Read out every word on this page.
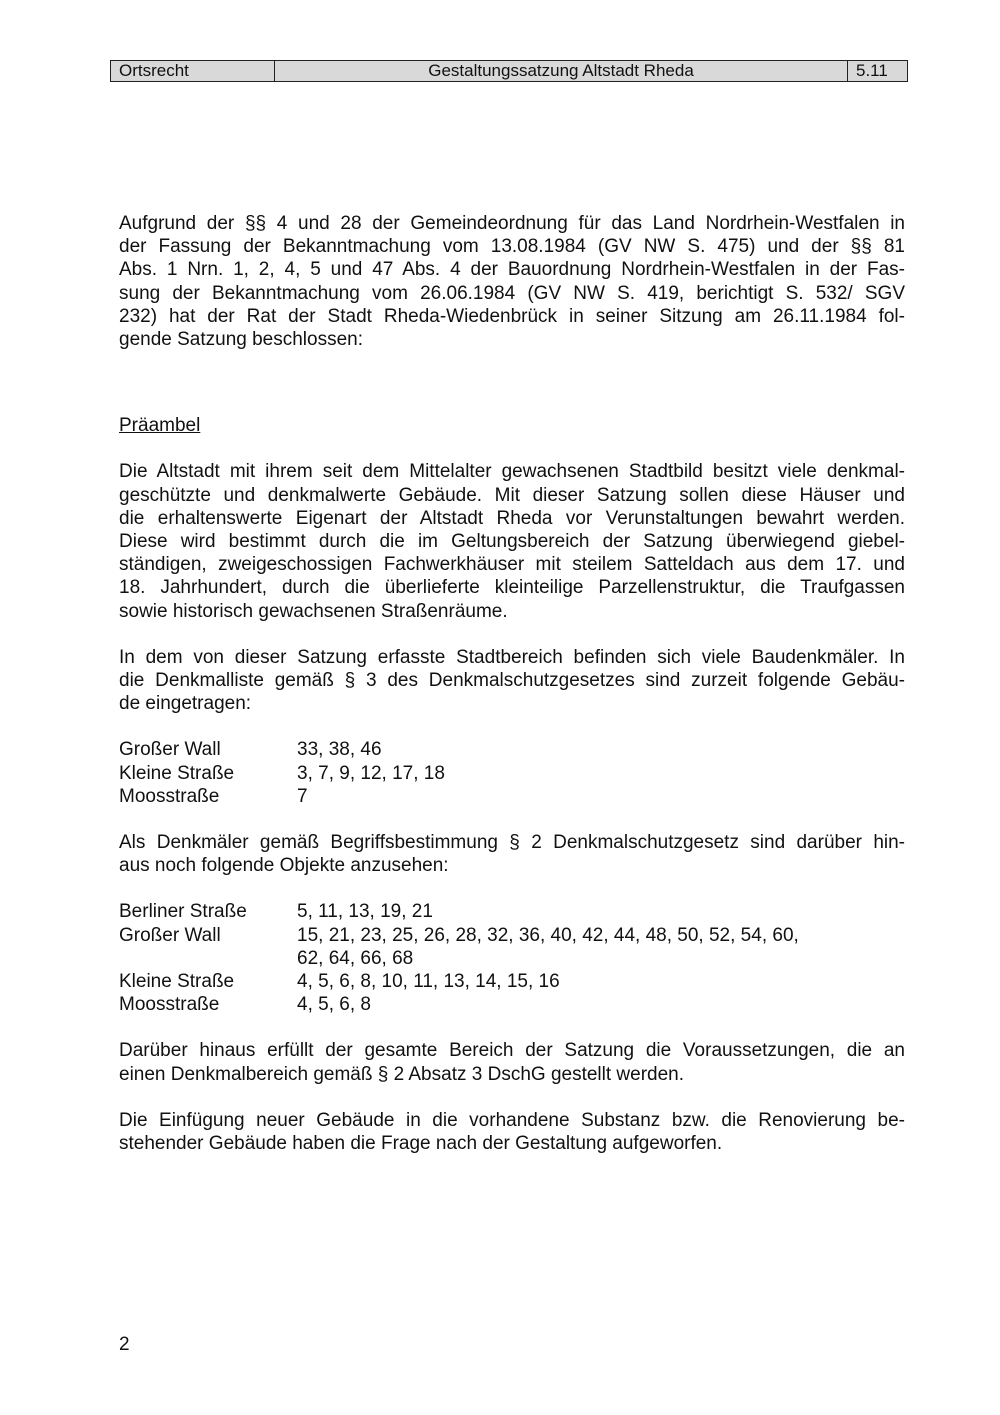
Ortsrecht	Gestaltungssatzung Altstadt Rheda	5.11

Aufgrund der §§ 4 und 28 der Gemeindeordnung für das Land Nordrhein-Westfalen in
der Fassung der Bekanntmachung vom 13.08.1984 (GV NW S. 475) und der §§ 81
Abs. 1 Nrn. 1, 2, 4, 5 und 47 Abs. 4 der Bauordnung Nordrhein-Westfalen in der Fas-
sung der Bekanntmachung vom 26.06.1984 (GV NW S. 419, berichtigt S. 532/ SGV
232) hat der Rat der Stadt Rheda-Wiedenbrück in seiner Sitzung am 26.11.1984 fol-
gende Satzung beschlossen:

Präambel

Die Altstadt mit ihrem seit dem Mittelalter gewachsenen Stadtbild besitzt viele denkmal-
geschützte und denkmalwerte Gebäude. Mit dieser Satzung sollen diese Häuser und
die erhaltenswerte Eigenart der Altstadt Rheda vor Verunstaltungen bewahrt werden.
Diese wird bestimmt durch die im Geltungsbereich der Satzung überwiegend giebel-
ständigen, zweigeschossigen Fachwerkhäuser mit steilem Satteldach aus dem 17. und
18. Jahrhundert, durch die überlieferte kleinteilige Parzellenstruktur, die Traufgassen
sowie historisch gewachsenen Straßenräume.

In dem von dieser Satzung erfasste Stadtbereich befinden sich viele Baudenkmäler. In
die Denkmalliste gemäß § 3 des Denkmalschutzgesetzes sind zurzeit folgende Gebäu-
de eingetragen:

Großer Wall	33, 38, 46
Kleine Straße	3, 7, 9, 12, 17, 18
Moosstraße	7

Als Denkmäler gemäß Begriffsbestimmung § 2 Denkmalschutzgesetz sind darüber hin-
aus noch folgende Objekte anzusehen:

Berliner Straße	5, 11, 13, 19, 21
Großer Wall	15, 21, 23, 25, 26, 28, 32, 36, 40, 42, 44, 48, 50, 52, 54, 60,
62, 64, 66, 68
Kleine Straße	4, 5, 6, 8, 10, 11, 13, 14, 15, 16
Moosstraße	4, 5, 6, 8

Darüber hinaus erfüllt der gesamte Bereich der Satzung die Voraussetzungen, die an
einen Denkmalbereich gemäß § 2 Absatz 3 DschG gestellt werden.

Die Einfügung neuer Gebäude in die vorhandene Substanz bzw. die Renovierung be-
stehender Gebäude haben die Frage nach der Gestaltung aufgeworfen.

2
